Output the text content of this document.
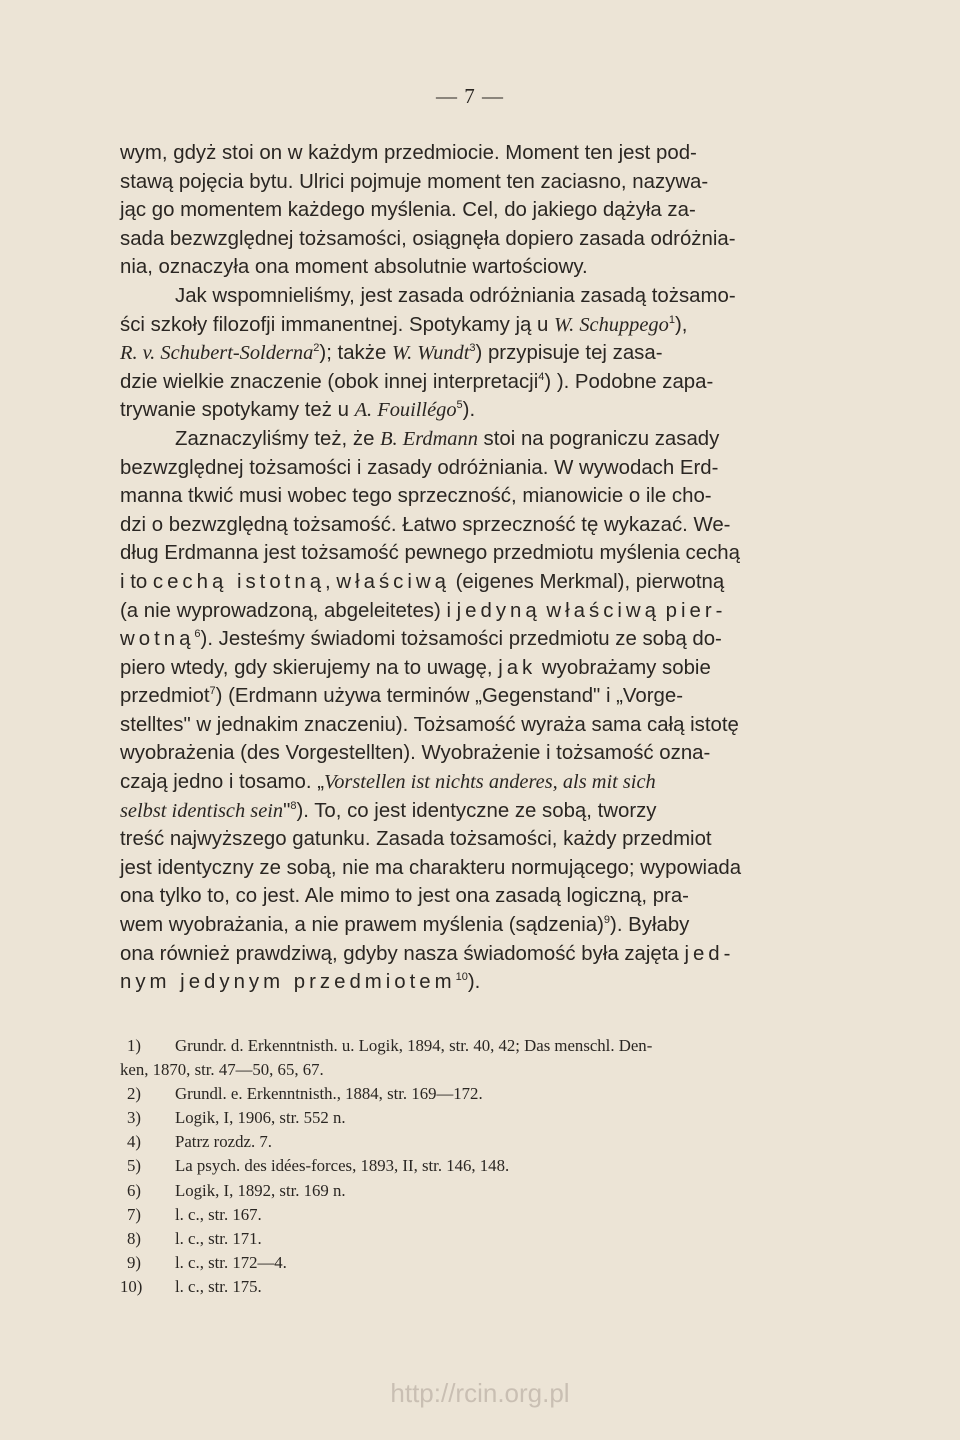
— 7 —
wym, gdyż stoi on w każdym przedmiocie. Moment ten jest pod-
stawą pojęcia bytu. Ulrici pojmuje moment ten zaciasno, nazywa-
jąc go momentem każdego myślenia. Cel, do jakiego dążyła za-
sada bezwzględnej tożsamości, osiągnęła dopiero zasada odróżnia-
nia, oznaczyła ona moment absolutnie wartościowy.
Jak wspomnieliśmy, jest zasada odróżniania zasadą tożsamo-
ści szkoły filozofji immanentnej. Spotykamy ją u W. Schuppego$^1$),
R. v. Schubert-Solderna$^2$); także W. Wundt$^3$) przypisuje tej zasa-
dzie wielkie znaczenie (obok innej interpretacji$^4$) ). Podobne zapa-
trywanie spotykamy też u A. Fouillégo$^5$).
Zaznaczyliśmy też, że B. Erdmann stoi na pograniczu zasady
bezwzględnej tożsamości i zasady odróżniania. W wywodach Erd-
manna tkwić musi wobec tego sprzeczność, mianowicie o ile cho-
dzi o bezwzględną tożsamość. Łatwo sprzeczność tę wykazać. We-
dług Erdmanna jest tożsamość pewnego przedmiotu myślenia cechą
i to cechą istotną, właściwą (eigenes Merkmal), pierwotną
(a nie wyprowadzoną, abgeleitetes) i jedyną właściwą pier-
wotną$^6$). Jesteśmy świadomi tożsamości przedmiotu ze sobą do-
piero wtedy, gdy skierujemy na to uwagę, jak wyobrażamy sobie
przedmiot$^7$) (Erdmann używa terminów „Gegenstand" i „Vorge-
stelltes" w jednakim znaczeniu). Tożsamość wyraża sama całą istotę
wyobrażenia (des Vorgestellten). Wyobrażenie i tożsamość ozna-
czają jedno i tosamo. „Vorstellen ist nichts anderes, als mit sich
selbst identisch sein"$^8$). To, co jest identyczne ze sobą, tworzy
treść najwyższego gatunku. Zasada tożsamości, każdy przedmiot
jest identyczny ze sobą, nie ma charakteru normującego; wypowiada
ona tylko to, co jest. Ale mimo to jest ona zasadą logiczną, pra-
wem wyobrażania, a nie prawem myślenia (sądzenia)$^9$). Byłaby
ona również prawdziwą, gdyby nasza świadomość była zajęta jed-
nym jedynym przedmiotem$^{10}$).
1) Grundr. d. Erkenntnisth. u. Logik, 1894, str. 40, 42; Das menschl. Den-
ken, 1870, str. 47—50, 65, 67.
2) Grundl. e. Erkenntnisth., 1884, str. 169—172.
3) Logik, I, 1906, str. 552 n.
4) Patrz rozdz. 7.
5) La psych. des idées-forces, 1893, II, str. 146, 148.
6) Logik, I, 1892, str. 169 n.
7) l. c., str. 167.
8) l. c., str. 171.
9) l. c., str. 172—4.
10) l. c., str. 175.
http://rcin.org.pl
